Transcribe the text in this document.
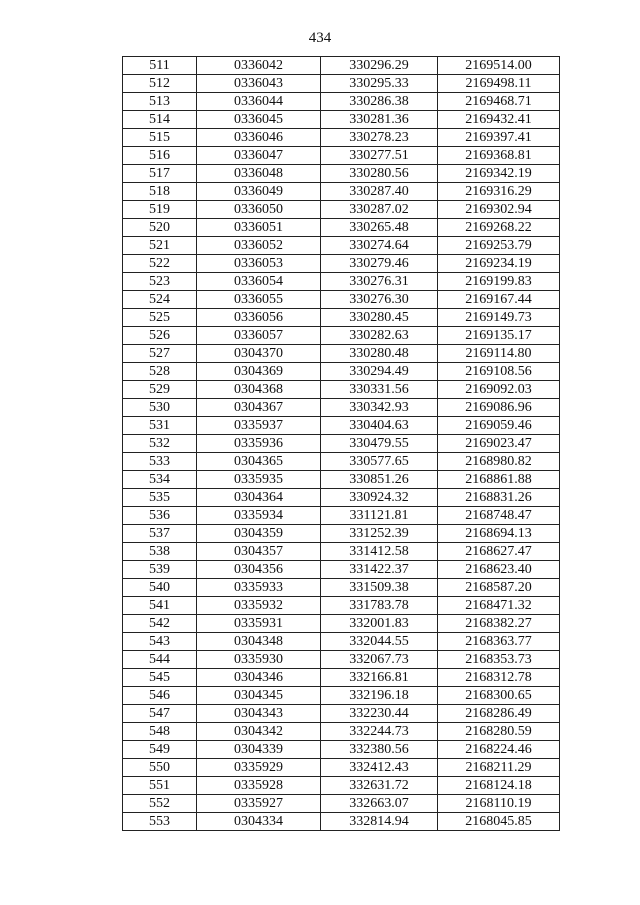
434
511	0336042	330296.29	2169514.00
512	0336043	330295.33	2169498.11
513	0336044	330286.38	2169468.71
514	0336045	330281.36	2169432.41
515	0336046	330278.23	2169397.41
516	0336047	330277.51	2169368.81
517	0336048	330280.56	2169342.19
518	0336049	330287.40	2169316.29
519	0336050	330287.02	2169302.94
520	0336051	330265.48	2169268.22
521	0336052	330274.64	2169253.79
522	0336053	330279.46	2169234.19
523	0336054	330276.31	2169199.83
524	0336055	330276.30	2169167.44
525	0336056	330280.45	2169149.73
526	0336057	330282.63	2169135.17
527	0304370	330280.48	2169114.80
528	0304369	330294.49	2169108.56
529	0304368	330331.56	2169092.03
530	0304367	330342.93	2169086.96
531	0335937	330404.63	2169059.46
532	0335936	330479.55	2169023.47
533	0304365	330577.65	2168980.82
534	0335935	330851.26	2168861.88
535	0304364	330924.32	2168831.26
536	0335934	331121.81	2168748.47
537	0304359	331252.39	2168694.13
538	0304357	331412.58	2168627.47
539	0304356	331422.37	2168623.40
540	0335933	331509.38	2168587.20
541	0335932	331783.78	2168471.32
542	0335931	332001.83	2168382.27
543	0304348	332044.55	2168363.77
544	0335930	332067.73	2168353.73
545	0304346	332166.81	2168312.78
546	0304345	332196.18	2168300.65
547	0304343	332230.44	2168286.49
548	0304342	332244.73	2168280.59
549	0304339	332380.56	2168224.46
550	0335929	332412.43	2168211.29
551	0335928	332631.72	2168124.18
552	0335927	332663.07	2168110.19
553	0304334	332814.94	2168045.85
